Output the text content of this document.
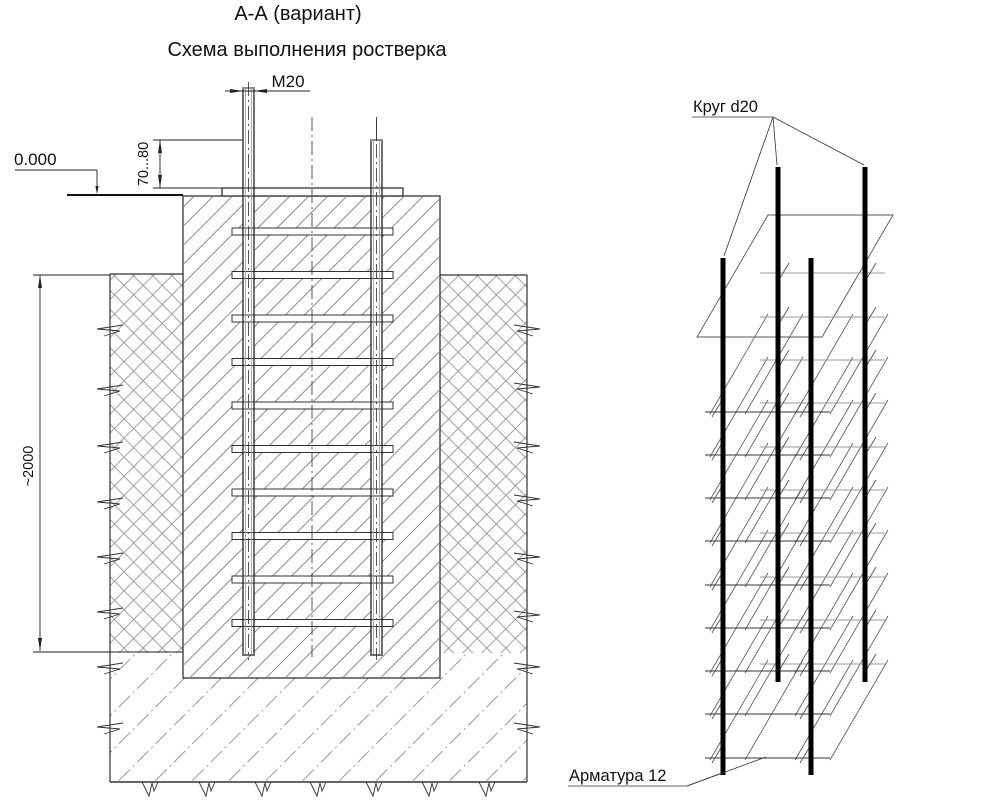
А-А (вариант)
Схема выполнения ростверка
М20
0.000	70...80
~2000
Круг d20
Арматура 12
